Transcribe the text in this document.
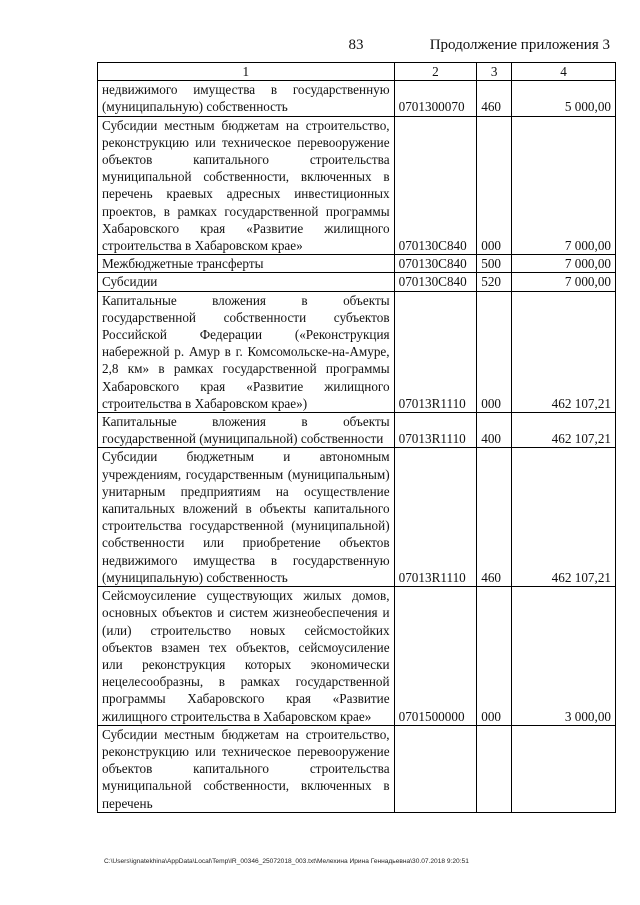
83	Продолжение приложения 3
1	2	3	4
недвижимого имущества в государственную (муниципальную) собственность	0701300070	460	5 000,00
Субсидии местным бюджетам на строительство, реконструкцию или техническое перевооружение объектов капитального строительства муниципальной собственности, включенных в перечень краевых адресных инвестиционных проектов, в рамках государственной программы Хабаровского края «Развитие жилищного строительства в Хабаровском крае»	070130C840	000	7 000,00
Межбюджетные трансферты	070130C840	500	7 000,00
Субсидии	070130C840	520	7 000,00
Капитальные вложения в объекты государственной собственности субъектов Российской Федерации («Реконструкция набережной р. Амур в г. Комсомольске-на-Амуре, 2,8 км» в рамках государственной программы Хабаровского края «Развитие жилищного строительства в Хабаровском крае»)	07013R1110	000	462 107,21
Капитальные вложения в объекты государственной (муниципальной) собственности	07013R1110	400	462 107,21
Субсидии бюджетным и автономным учреждениям, государственным (муниципальным) унитарным предприятиям на осуществление капитальных вложений в объекты капитального строительства государственной (муниципальной) собственности или приобретение объектов недвижимого имущества в государственную (муниципальную) собственность	07013R1110	460	462 107,21
Сейсмоусиление существующих жилых домов, основных объектов и систем жизнеобеспечения и (или) строительство новых сейсмостойких объектов взамен тех объектов, сейсмоусиление или реконструкция которых экономически нецелесообразны, в рамках государственной программы Хабаровского края «Развитие жилищного строительства в Хабаровском крае»	0701500000	000	3 000,00
Субсидии местным бюджетам на строительство, реконструкцию или техническое перевооружение объектов капитального строительства муниципальной собственности, включенных в перечень			
C:\Users\ignatekhina\AppData\Local\Temp\IR_00346_25072018_003.txt\Мелехина Ирина Геннадьевна\30.07.2018 9:20:51
